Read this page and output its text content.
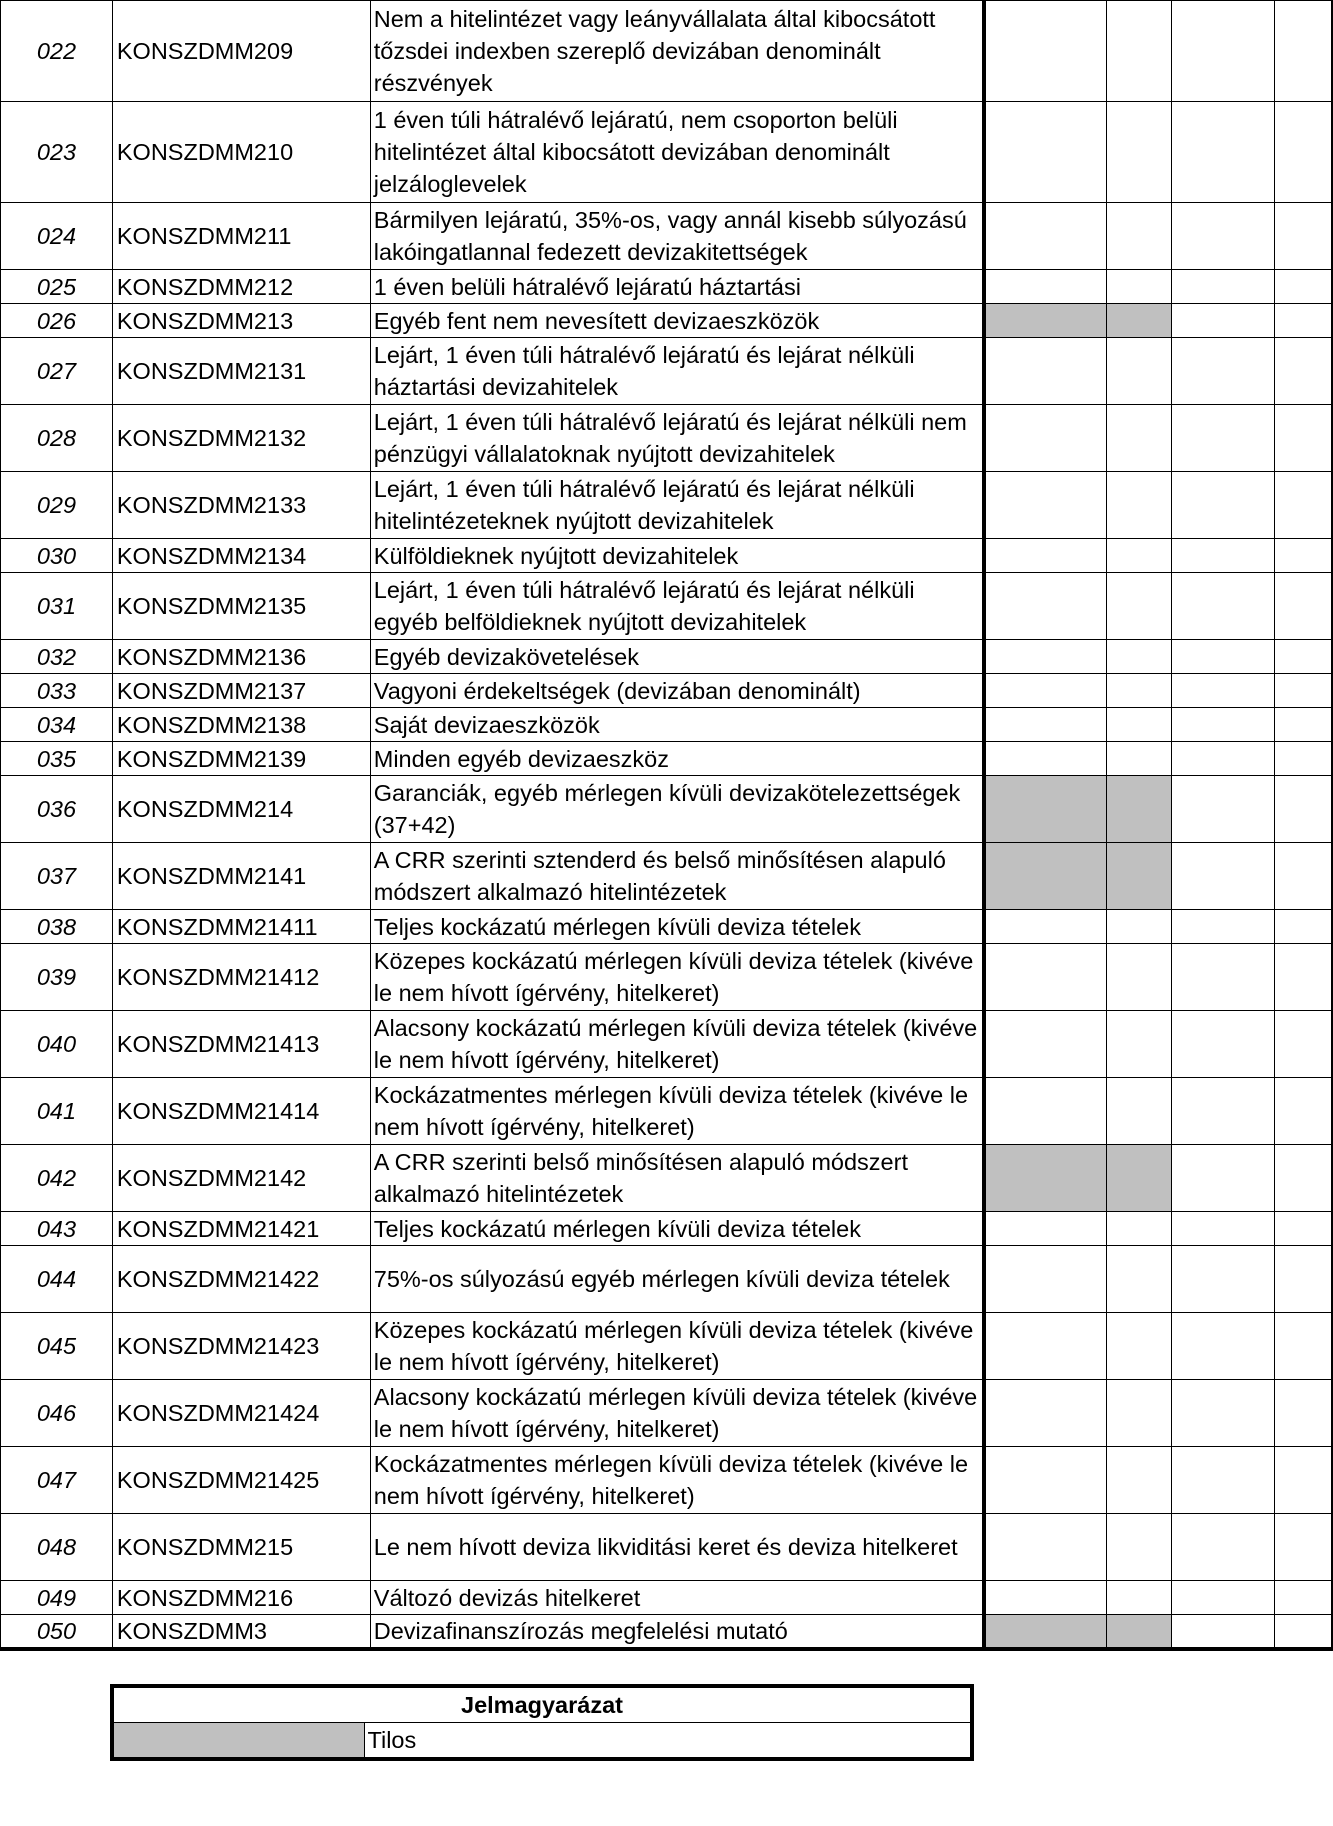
022	KONSZDMM209	Nem a hitelintézet vagy leányvállalata által kibocsátott tőzsdei indexben szereplő devizában denominált részvények				
023	KONSZDMM210	1 éven túli hátralévő lejáratú, nem csoporton belüli hitelintézet által kibocsátott devizában denominált jelzáloglevelek				
024	KONSZDMM211	Bármilyen lejáratú, 35%-os, vagy annál kisebb súlyozású lakóingatlannal fedezett devizakitettségek				
025	KONSZDMM212	1 éven belüli hátralévő lejáratú háztartási				
026	KONSZDMM213	Egyéb fent nem nevesített devizaeszközök				
027	KONSZDMM2131	Lejárt, 1 éven túli hátralévő lejáratú és lejárat nélküli háztartási devizahitelek				
028	KONSZDMM2132	Lejárt, 1 éven túli hátralévő lejáratú és lejárat nélküli nem pénzügyi vállalatoknak nyújtott devizahitelek				
029	KONSZDMM2133	Lejárt, 1 éven túli hátralévő lejáratú és lejárat nélküli hitelintézeteknek nyújtott devizahitelek				
030	KONSZDMM2134	Külföldieknek nyújtott devizahitelek				
031	KONSZDMM2135	Lejárt, 1 éven túli hátralévő lejáratú és lejárat nélküli egyéb belföldieknek nyújtott devizahitelek				
032	KONSZDMM2136	Egyéb devizakövetelések				
033	KONSZDMM2137	Vagyoni érdekeltségek (devizában denominált)				
034	KONSZDMM2138	Saját devizaeszközök				
035	KONSZDMM2139	Minden egyéb devizaeszköz				
036	KONSZDMM214	Garanciák, egyéb mérlegen kívüli devizakötelezettségek (37+42)				
037	KONSZDMM2141	A CRR szerinti sztenderd és belső minősítésen alapuló módszert alkalmazó hitelintézetek				
038	KONSZDMM21411	Teljes kockázatú mérlegen kívüli deviza tételek				
039	KONSZDMM21412	Közepes kockázatú mérlegen kívüli deviza tételek (kivéve le nem hívott ígérvény, hitelkeret)				
040	KONSZDMM21413	Alacsony kockázatú mérlegen kívüli deviza tételek (kivéve le nem hívott ígérvény, hitelkeret)				
041	KONSZDMM21414	Kockázatmentes mérlegen kívüli deviza tételek (kivéve le nem hívott ígérvény, hitelkeret)				
042	KONSZDMM2142	A CRR szerinti belső minősítésen alapuló módszert alkalmazó hitelintézetek				
043	KONSZDMM21421	Teljes kockázatú mérlegen kívüli deviza tételek				
044	KONSZDMM21422	75%-os súlyozású egyéb mérlegen kívüli deviza tételek				
045	KONSZDMM21423	Közepes kockázatú mérlegen kívüli deviza tételek (kivéve le nem hívott ígérvény, hitelkeret)				
046	KONSZDMM21424	Alacsony kockázatú mérlegen kívüli deviza tételek (kivéve le nem hívott ígérvény, hitelkeret)				
047	KONSZDMM21425	Kockázatmentes mérlegen kívüli deviza tételek (kivéve le nem hívott ígérvény, hitelkeret)				
048	KONSZDMM215	Le nem hívott deviza likviditási keret és deviza hitelkeret				
049	KONSZDMM216	Változó devizás hitelkeret				
050	KONSZDMM3	Devizafinanszírozás megfelelési mutató				
Jelmagyarázat
	Tilos
